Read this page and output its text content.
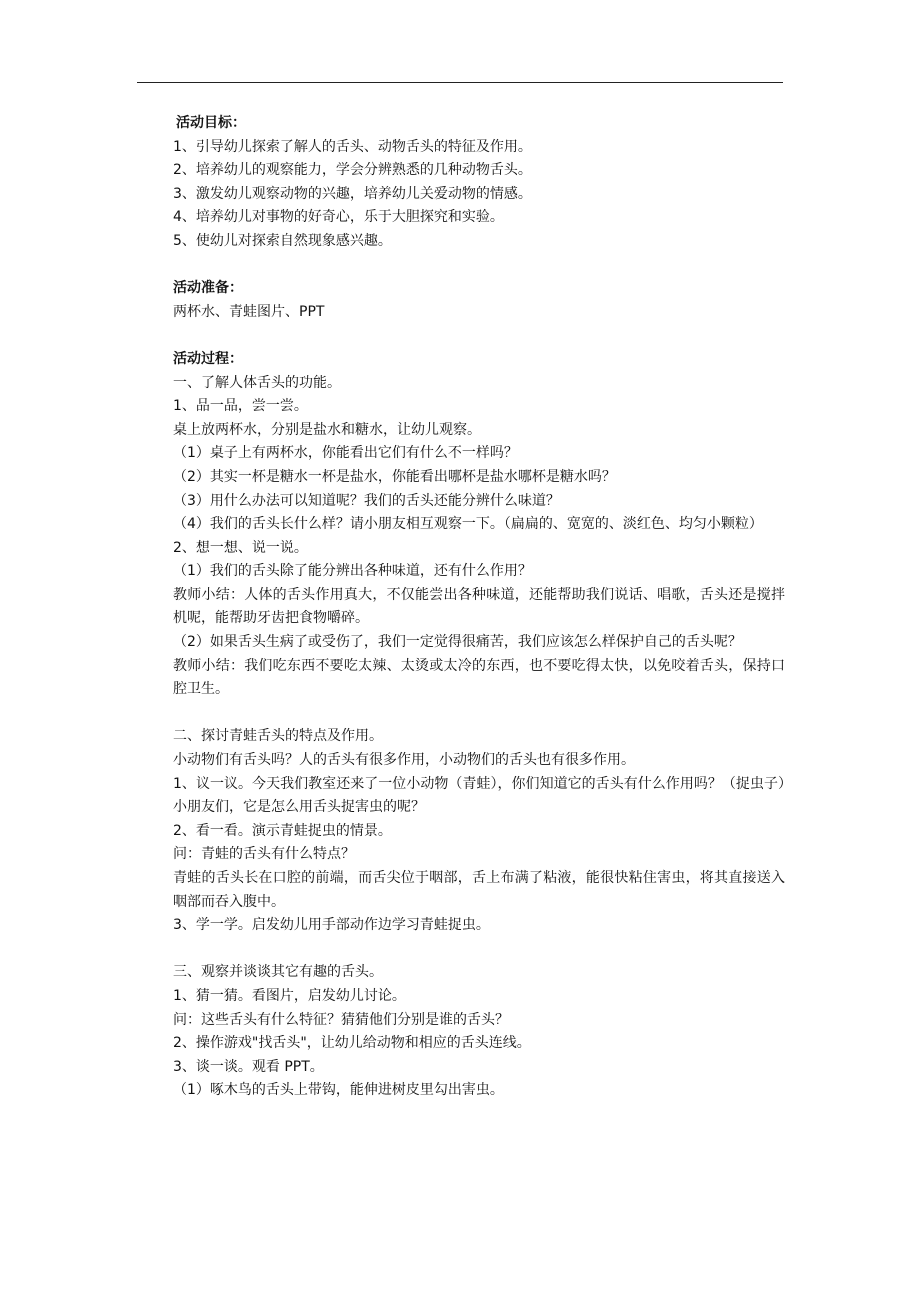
活动目标：
1、引导幼儿探索了解人的舌头、动物舌头的特征及作用。
2、培养幼儿的观察能力，学会分辨熟悉的几种动物舌头。
3、激发幼儿观察动物的兴趣，培养幼儿关爱动物的情感。
4、培养幼儿对事物的好奇心，乐于大胆探究和实验。
5、使幼儿对探索自然现象感兴趣。
活动准备：
两杯水、青蛙图片、PPT
活动过程：
一、了解人体舌头的功能。
1、品一品，尝一尝。
桌上放两杯水，分别是盐水和糖水，让幼儿观察。
（1）桌子上有两杯水，你能看出它们有什么不一样吗？
（2）其实一杯是糖水一杯是盐水，你能看出哪杯是盐水哪杯是糖水吗？
（3）用什么办法可以知道呢？我们的舌头还能分辨什么味道？
（4）我们的舌头长什么样？请小朋友相互观察一下。（扁扁的、宽宽的、淡红色、均匀小颗粒）
2、想一想、说一说。
（1）我们的舌头除了能分辨出各种味道，还有什么作用？
教师小结：人体的舌头作用真大，不仅能尝出各种味道，还能帮助我们说话、唱歌，舌头还是搅拌机呢，能帮助牙齿把食物嚼碎。
（2）如果舌头生病了或受伤了，我们一定觉得很痛苦，我们应该怎么样保护自己的舌头呢？
教师小结：我们吃东西不要吃太辣、太烫或太冷的东西，也不要吃得太快，以免咬着舌头，保持口腔卫生。
二、探讨青蛙舌头的特点及作用。
小动物们有舌头吗？人的舌头有很多作用，小动物们的舌头也有很多作用。
1、议一议。今天我们教室还来了一位小动物（青蛙），你们知道它的舌头有什么作用吗？（捉虫子）小朋友们，它是怎么用舌头捉害虫的呢？
2、看一看。演示青蛙捉虫的情景。
问：青蛙的舌头有什么特点？
青蛙的舌头长在口腔的前端，而舌尖位于咽部，舌上布满了粘液，能很快粘住害虫，将其直接送入咽部而吞入腹中。
3、学一学。启发幼儿用手部动作边学习青蛙捉虫。
三、观察并谈谈其它有趣的舌头。
1、猜一猜。看图片，启发幼儿讨论。
问：这些舌头有什么特征？猜猜他们分别是谁的舌头？
2、操作游戏"找舌头"，让幼儿给动物和相应的舌头连线。
3、谈一谈。观看 PPT。
（1）啄木鸟的舌头上带钩，能伸进树皮里勾出害虫。
